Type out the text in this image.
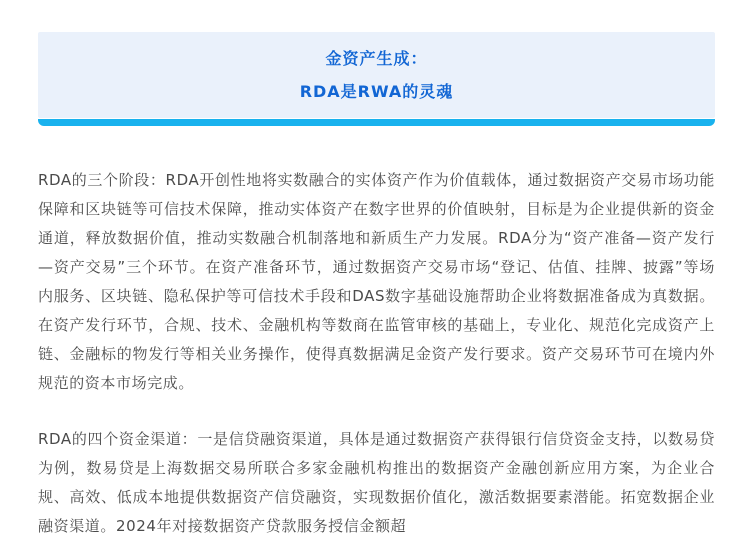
金资产生成：
RDA是RWA的灵魂

RDA的三个阶段：RDA开创性地将实数融合的实体资产作为价值载体，通过数据资产交易市场功能保障和区块链等可信技术保障，推动实体资产在数字世界的价值映射，目标是为企业提供新的资金通道，释放数据价值，推动实数融合机制落地和新质生产力发展。RDA分为“资产准备—资产发行—资产交易”三个环节。在资产准备环节，通过数据资产交易市场“登记、估值、挂牌、披露”等场内服务、区块链、隐私保护等可信技术手段和DAS数字基础设施帮助企业将数据准备成为真数据。在资产发行环节，合规、技术、金融机构等数商在监管审核的基础上，专业化、规范化完成资产上链、金融标的物发行等相关业务操作，使得真数据满足金资产发行要求。资产交易环节可在境内外规范的资本市场完成。

RDA的四个资金渠道：一是信贷融资渠道，具体是通过数据资产获得银行信贷资金支持，以数易贷为例，数易贷是上海数据交易所联合多家金融机构推出的数据资产金融创新应用方案，为企业合规、高效、低成本地提供数据资产信贷融资，实现数据价值化，激活数据要素潜能。拓宽数据企业融资渠道。2024年对接数据资产贷款服务授信金额超
